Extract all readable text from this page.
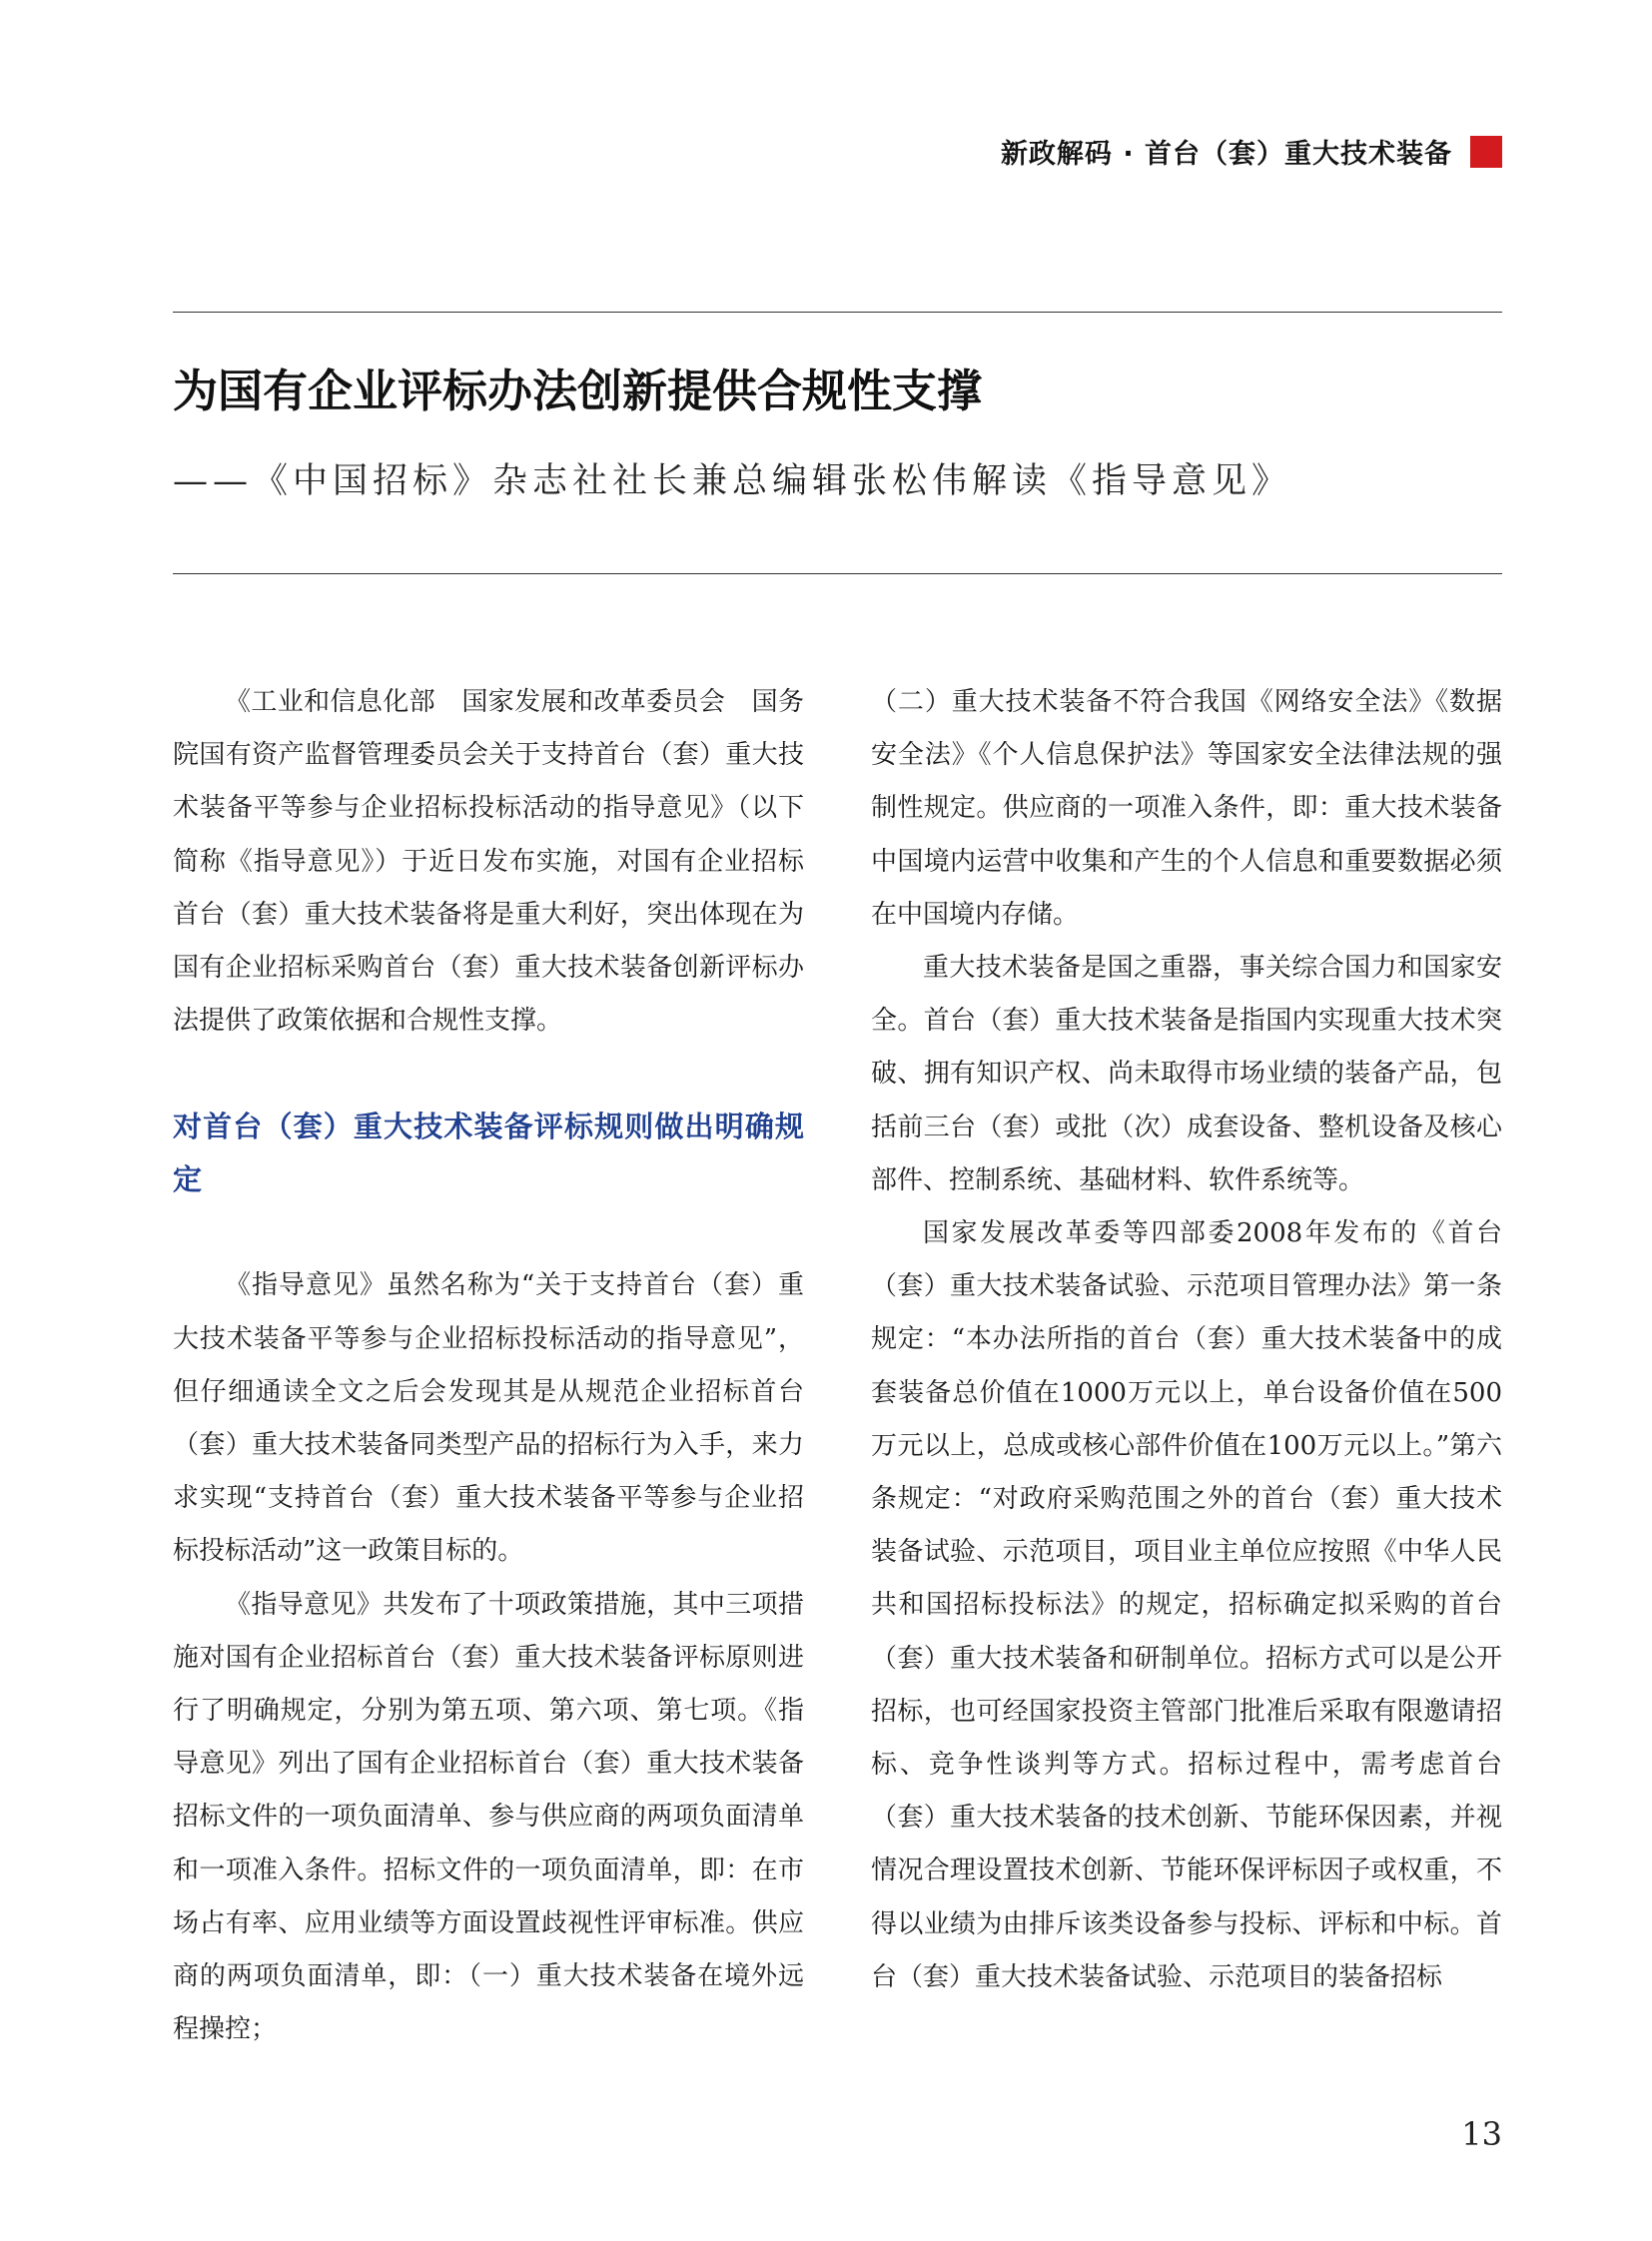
新政解码 · 首台（套）重大技术装备
为国有企业评标办法创新提供合规性支撑
——《中国招标》杂志社社长兼总编辑张松伟解读《指导意见》

《工业和信息化部　国家发展和改革委员会　国务院国有资产监督管理委员会关于支持首台（套）重大技术装备平等参与企业招标投标活动的指导意见》（以下简称《指导意见》）于近日发布实施，对国有企业招标首台（套）重大技术装备将是重大利好，突出体现在为国有企业招标采购首台（套）重大技术装备创新评标办法提供了政策依据和合规性支撑。

对首台（套）重大技术装备评标规则做出明确规定

《指导意见》虽然名称为“关于支持首台（套）重大技术装备平等参与企业招标投标活动的指导意见”，但仔细通读全文之后会发现其是从规范企业招标首台（套）重大技术装备同类型产品的招标行为入手，来力求实现“支持首台（套）重大技术装备平等参与企业招标投标活动”这一政策目标的。

《指导意见》共发布了十项政策措施，其中三项措施对国有企业招标首台（套）重大技术装备评标原则进行了明确规定，分别为第五项、第六项、第七项。《指导意见》列出了国有企业招标首台（套）重大技术装备招标文件的一项负面清单、参与供应商的两项负面清单和一项准入条件。招标文件的一项负面清单，即：在市场占有率、应用业绩等方面设置歧视性评审标准。供应商的两项负面清单，即：（一）重大技术装备在境外远程操控；

（二）重大技术装备不符合我国《网络安全法》《数据安全法》《个人信息保护法》等国家安全法律法规的强制性规定。供应商的一项准入条件，即：重大技术装备中国境内运营中收集和产生的个人信息和重要数据必须在中国境内存储。

重大技术装备是国之重器，事关综合国力和国家安全。首台（套）重大技术装备是指国内实现重大技术突破、拥有知识产权、尚未取得市场业绩的装备产品，包括前三台（套）或批（次）成套设备、整机设备及核心部件、控制系统、基础材料、软件系统等。

国家发展改革委等四部委2008年发布的《首台（套）重大技术装备试验、示范项目管理办法》第一条规定：“本办法所指的首台（套）重大技术装备中的成套装备总价值在1000万元以上，单台设备价值在500万元以上，总成或核心部件价值在100万元以上。”第六条规定：“对政府采购范围之外的首台（套）重大技术装备试验、示范项目，项目业主单位应按照《中华人民共和国招标投标法》的规定，招标确定拟采购的首台（套）重大技术装备和研制单位。招标方式可以是公开招标，也可经国家投资主管部门批准后采取有限邀请招标、竞争性谈判等方式。招标过程中，需考虑首台（套）重大技术装备的技术创新、节能环保因素，并视情况合理设置技术创新、节能环保评标因子或权重，不得以业绩为由排斥该类设备参与投标、评标和中标。首台（套）重大技术装备试验、示范项目的装备招标

13
